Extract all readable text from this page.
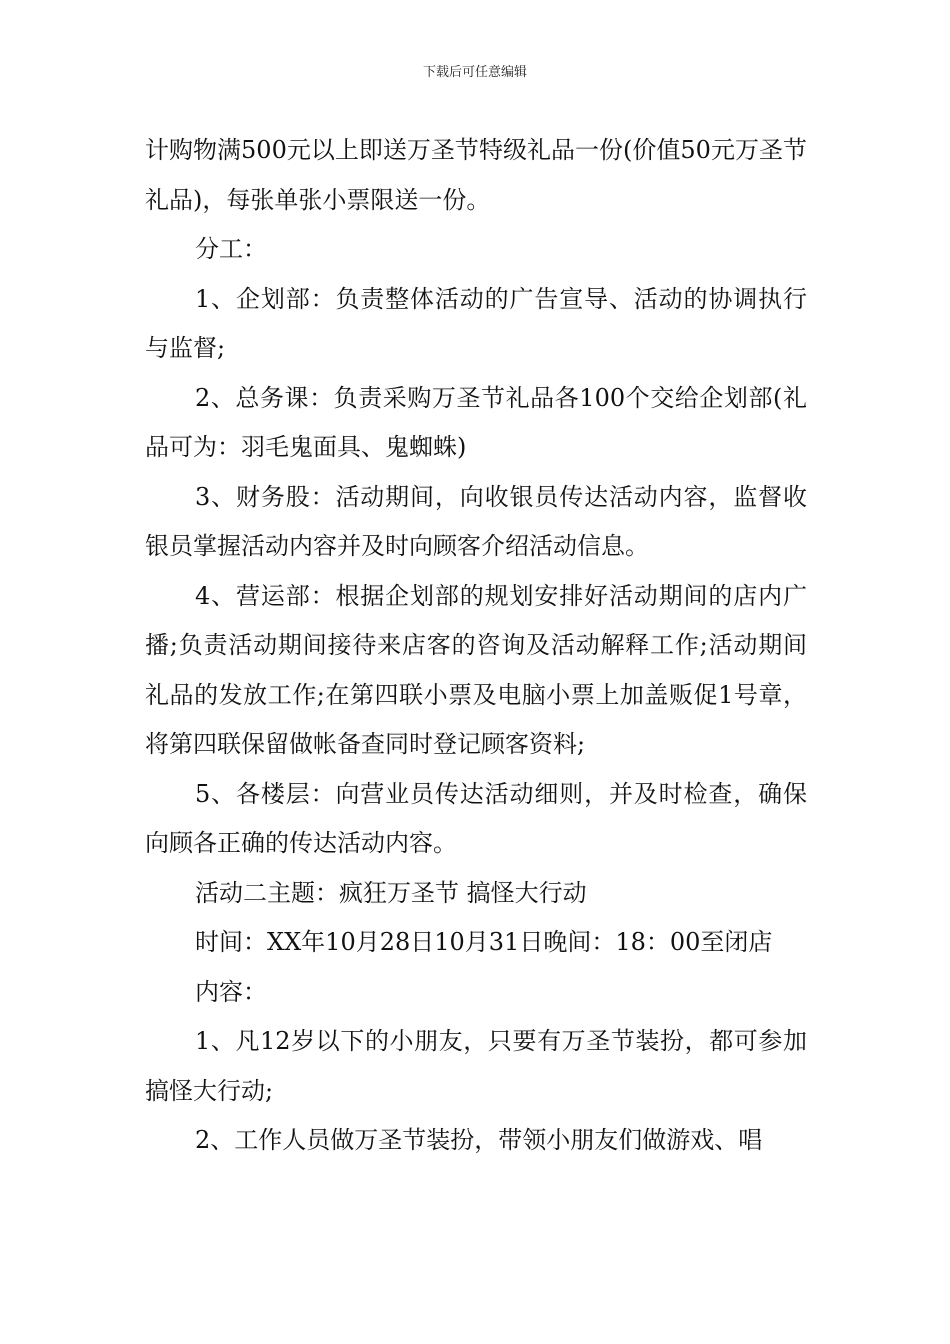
下载后可任意编辑

计购物满500元以上即送万圣节特级礼品一份(价值50元万圣节礼品)，每张单张小票限送一份。

分工：

1、企划部：负责整体活动的广告宣导、活动的协调执行与监督;

2、总务课：负责采购万圣节礼品各100个交给企划部(礼品可为：羽毛鬼面具、鬼蜘蛛)

3、财务股：活动期间，向收银员传达活动内容，监督收银员掌握活动内容并及时向顾客介绍活动信息。

4、营运部：根据企划部的规划安排好活动期间的店内广播;负责活动期间接待来店客的咨询及活动解释工作;活动期间礼品的发放工作;在第四联小票及电脑小票上加盖贩促1号章，将第四联保留做帐备查同时登记顾客资料;

5、各楼层：向营业员传达活动细则，并及时检查，确保向顾各正确的传达活动内容。

活动二主题：疯狂万圣节 搞怪大行动

时间：XX年10月28日10月31日晚间：18：00至闭店

内容：

1、凡12岁以下的小朋友，只要有万圣节装扮，都可参加搞怪大行动;

2、工作人员做万圣节装扮，带领小朋友们做游戏、唱
